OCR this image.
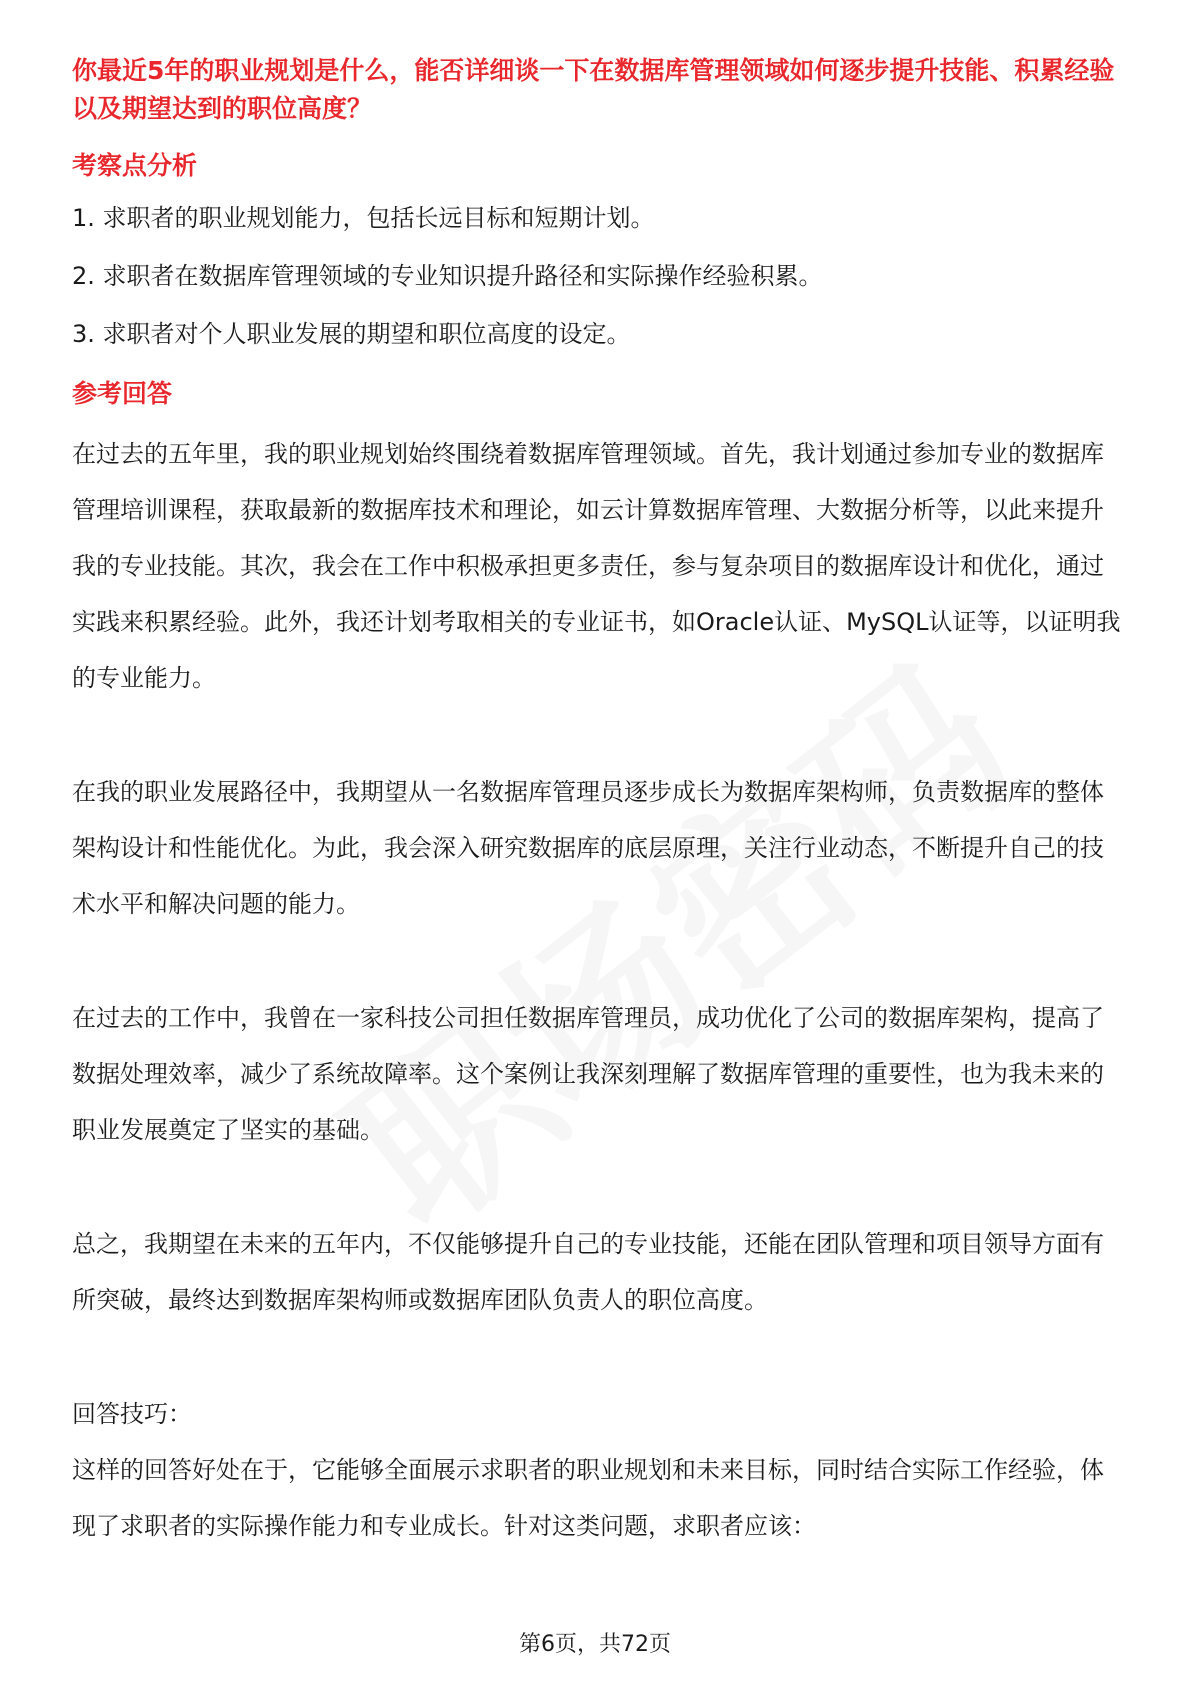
你最近5年的职业规划是什么，能否详细谈一下在数据库管理领域如何逐步提升技能、积累经验以及期望达到的职位高度？
考察点分析
1. 求职者的职业规划能力，包括长远目标和短期计划。
2. 求职者在数据库管理领域的专业知识提升路径和实际操作经验积累。
3. 求职者对个人职业发展的期望和职位高度的设定。
参考回答

在过去的五年里，我的职业规划始终围绕着数据库管理领域。首先，我计划通过参加专业的数据库管理培训课程，获取最新的数据库技术和理论，如云计算数据库管理、大数据分析等，以此来提升我的专业技能。其次，我会在工作中积极承担更多责任，参与复杂项目的数据库设计和优化，通过实践来积累经验。此外，我还计划考取相关的专业证书，如Oracle认证、MySQL认证等，以证明我的专业能力。

在我的职业发展路径中，我期望从一名数据库管理员逐步成长为数据库架构师，负责数据库的整体架构设计和性能优化。为此，我会深入研究数据库的底层原理，关注行业动态，不断提升自己的技术水平和解决问题的能力。

在过去的工作中，我曾在一家科技公司担任数据库管理员，成功优化了公司的数据库架构，提高了数据处理效率，减少了系统故障率。这个案例让我深刻理解了数据库管理的重要性，也为我未来的职业发展奠定了坚实的基础。

总之，我期望在未来的五年内，不仅能够提升自己的专业技能，还能在团队管理和项目领导方面有所突破，最终达到数据库架构师或数据库团队负责人的职位高度。

回答技巧：

这样的回答好处在于，它能够全面展示求职者的职业规划和未来目标，同时结合实际工作经验，体现了求职者的实际操作能力和专业成长。针对这类问题，求职者应该：

第6页，共72页
